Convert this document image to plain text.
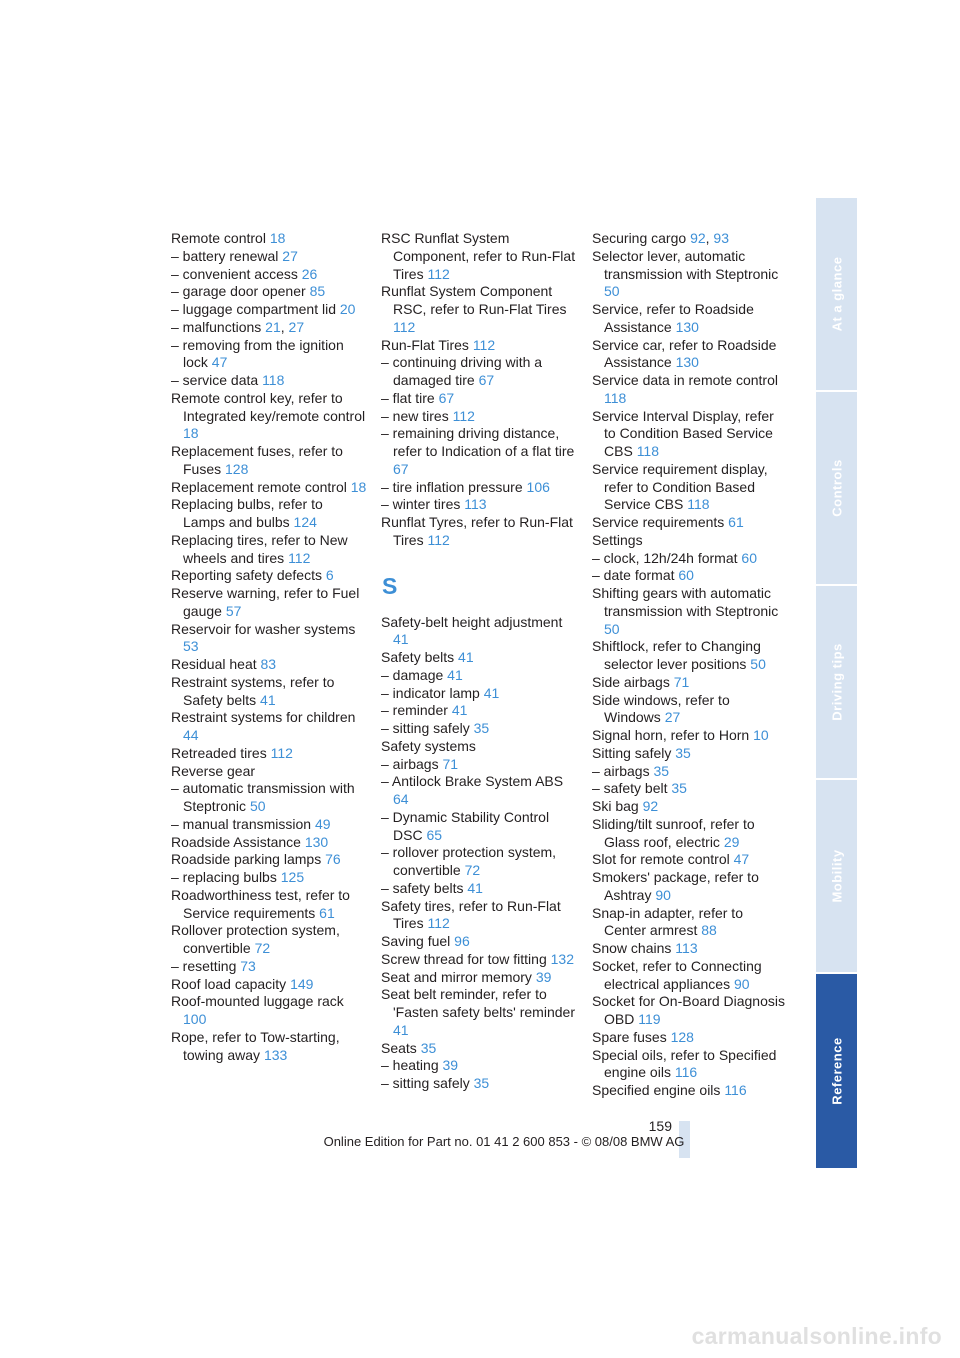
Remote control 18
– battery renewal 27
– convenient access 26
– garage door opener 85
– luggage compartment lid 20
– malfunctions 21, 27
– removing from the ignition lock 47
– service data 118
Remote control key, refer to Integrated key/remote control 18
Replacement fuses, refer to Fuses 128
Replacement remote control 18
Replacing bulbs, refer to Lamps and bulbs 124
Replacing tires, refer to New wheels and tires 112
Reporting safety defects 6
Reserve warning, refer to Fuel gauge 57
Reservoir for washer systems 53
Residual heat 83
Restraint systems, refer to Safety belts 41
Restraint systems for children 44
Retreaded tires 112
Reverse gear
– automatic transmission with Steptronic 50
– manual transmission 49
Roadside Assistance 130
Roadside parking lamps 76
– replacing bulbs 125
Roadworthiness test, refer to Service requirements 61
Rollover protection system, convertible 72
– resetting 73
Roof load capacity 149
Roof-mounted luggage rack 100
Rope, refer to Tow-starting, towing away 133
RSC Runflat System Component, refer to Run-Flat Tires 112
Runflat System Component RSC, refer to Run-Flat Tires 112
Run-Flat Tires 112
– continuing driving with a damaged tire 67
– flat tire 67
– new tires 112
– remaining driving distance, refer to Indication of a flat tire 67
– tire inflation pressure 106
– winter tires 113
Runflat Tyres, refer to Run-Flat Tires 112
S
Safety-belt height adjustment 41
Safety belts 41
– damage 41
– indicator lamp 41
– reminder 41
– sitting safely 35
Safety systems
– airbags 71
– Antilock Brake System ABS 64
– Dynamic Stability Control DSC 65
– rollover protection system, convertible 72
– safety belts 41
Safety tires, refer to Run-Flat Tires 112
Saving fuel 96
Screw thread for tow fitting 132
Seat and mirror memory 39
Seat belt reminder, refer to 'Fasten safety belts' reminder 41
Seats 35
– heating 39
– sitting safely 35
Securing cargo 92, 93
Selector lever, automatic transmission with Steptronic 50
Service, refer to Roadside Assistance 130
Service car, refer to Roadside Assistance 130
Service data in remote control 118
Service Interval Display, refer to Condition Based Service CBS 118
Service requirement display, refer to Condition Based Service CBS 118
Service requirements 61
Settings
– clock, 12h/24h format 60
– date format 60
Shifting gears with automatic transmission with Steptronic 50
Shiftlock, refer to Changing selector lever positions 50
Side airbags 71
Side windows, refer to Windows 27
Signal horn, refer to Horn 10
Sitting safely 35
– airbags 35
– safety belt 35
Ski bag 92
Sliding/tilt sunroof, refer to Glass roof, electric 29
Slot for remote control 47
Smokers' package, refer to Ashtray 90
Snap-in adapter, refer to Center armrest 88
Snow chains 113
Socket, refer to Connecting electrical appliances 90
Socket for On-Board Diagnosis OBD 119
Spare fuses 128
Special oils, refer to Specified engine oils 116
Specified engine oils 116
At a glance
Controls
Driving tips
Mobility
Reference
159
Online Edition for Part no. 01 41 2 600 853 - © 08/08 BMW AG
carmanualsonline.info
